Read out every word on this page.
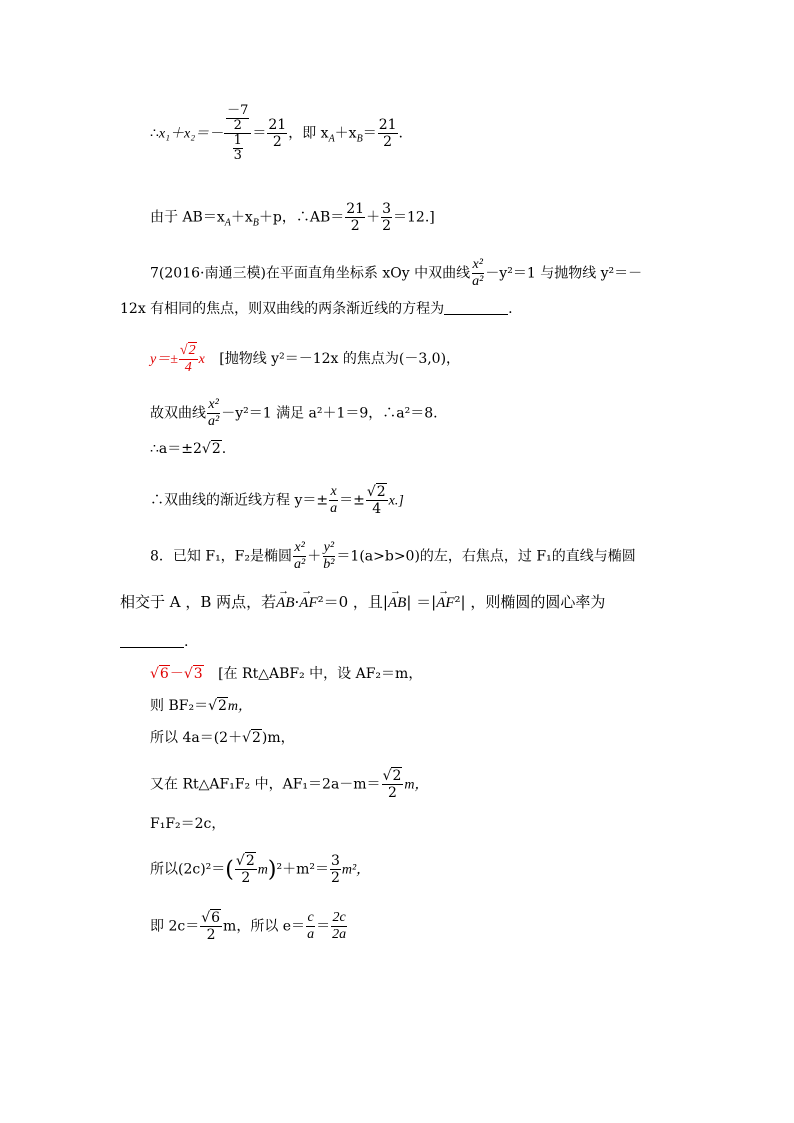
∴x₁＋x₂＝－ $\frac{\frac{-7}{2}}{\frac{1}{3}} = \frac{21}{2}$ ，即 $x_A+x_B= \frac{21}{2}$ .
由于 $AB=x_A+x_B+p$，∴AB＝ $\frac{21}{2} + \frac{3}{2} =12$.]
7(2016·南通三模)在平面直角坐标系 xOy 中双曲线 $\frac{\text{x²}}{\text{a²}} -y^2=1$ 与抛物线 y²＝－
12x 有相同的焦点，则双曲线的两条渐近线的方程为	.
$y=\pm \frac{√2}{4}$ x [抛物线 y²＝－12x 的焦点为(－3,0)，
故双曲线 $\frac{\text{x²}}{\text{a²}} -y^2=1$ 满足 a²＋1＝9，∴a²＝8.
∴a＝±2√2.
∴双曲线的渐近线方程 $y=\pm \frac{x}{a} =\pm \frac{√2}{4} x$.]
8．已知 F₁，F₂是椭圆 $\frac{\text{x²}}{\text{a²}} + \frac{\text{y²}}{\text{b²}} =1(a>b>0)$的左，右焦点，过 F₁的直线与椭圆
相交于 A ，B 两点，若→ AB·→ AF²＝0 ，且|→ AB| ＝|→ AF²| ，则椭圆的圆心率为
.
√6－√3 [在 Rt△ABF₂ 中，设 AF₂＝m，
则 BF₂＝√2m，
所以 4a＝(2＋√2)m，
又在 Rt△AF₁F₂ 中，$AF_1=2a-m= \frac{√2}{2}$ m，
F₁F₂＝2c，
所以$(2c)^2=( \frac{√2}{2} m)^2+m^2= \frac{3}{2} m^2$，
即 $2c= \frac{√6}{2}$ m，所以 $e= \frac{c}{a} = \frac{2c}{2a}$
